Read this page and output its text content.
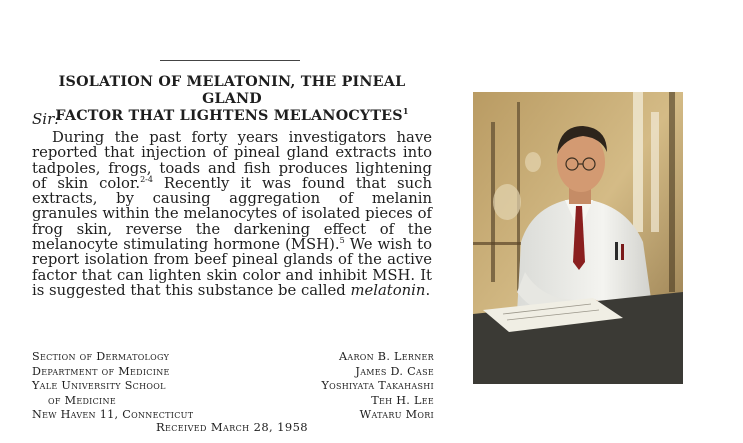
ISOLATION OF MELATONIN, THE PINEAL GLAND
FACTOR THAT LIGHTENS MELANOCYTES$^1$
Sir:

During the past forty years investigators have reported that injection of pineal gland extracts into tadpoles, frogs, toads and fish produces lightening of skin color.$^{2-4}$ Recently it was found that such extracts, by causing aggregation of melanin granules within the melanocytes of isolated pieces of frog skin, reverse the darkening effect of the melanocyte stimulating hormone (MSH).$^5$ We wish to report isolation from beef pineal glands of the active factor that can lighten skin color and inhibit MSH. It is suggested that this substance be called melatonin.

Section of Dermatology
Department of Medicine
Yale University School
of Medicine
New Haven 11, Connecticut
Aaron B. Lerner
James D. Case
Yoshiyata Takahashi
Teh H. Lee
Wataru Mori
Received March 28, 1958
